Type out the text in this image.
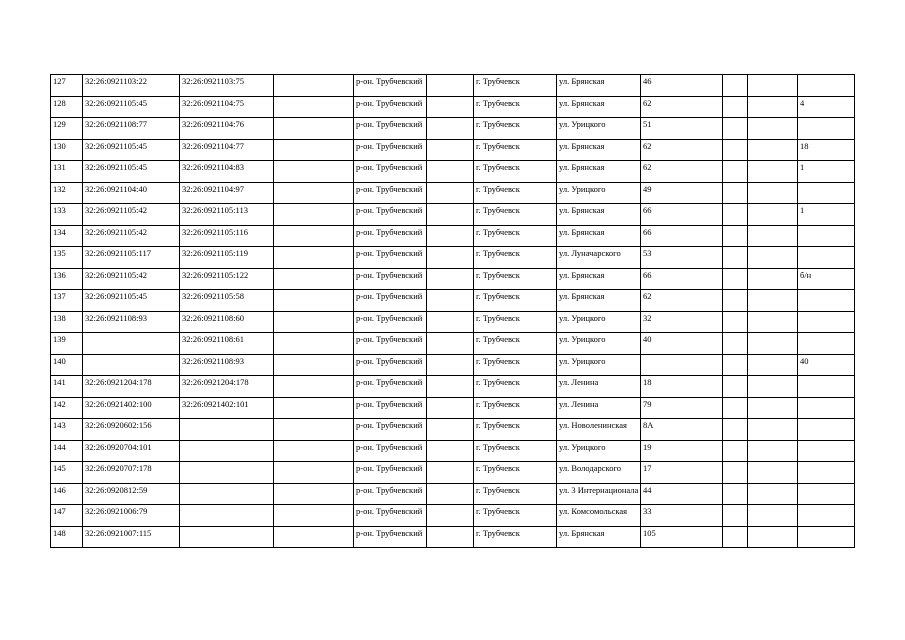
127	32:26:0921103:22	32:26:0921103:75		р-он. Трубчевский		г. Трубчевск	ул. Брянская	46			
128	32:26:0921105:45	32:26:0921104:75		р-он. Трубчевский		г. Трубчевск	ул. Брянская	62			4
129	32:26:0921108:77	32:26:0921104:76		р-он. Трубчевский		г. Трубчевск	ул. Урицкого	51			
130	32:26:0921105:45	32:26:0921104:77		р-он. Трубчевский		г. Трубчевск	ул. Брянская	62			18
131	32:26:0921105:45	32:26:0921104:83		р-он. Трубчевский		г. Трубчевск	ул. Брянская	62			1
132	32:26:0921104:40	32:26:0921104:97		р-он. Трубчевский		г. Трубчевск	ул. Урицкого	49			
133	32:26:0921105:42	32:26:0921105:113		р-он. Трубчевский		г. Трубчевск	ул. Брянская	66			1
134	32:26:0921105:42	32:26:0921105:116		р-он. Трубчевский		г. Трубчевск	ул. Брянская	66			
135	32:26:0921105:117	32:26:0921105:119		р-он. Трубчевский		г. Трубчевск	ул. Луначарского	53			
136	32:26:0921105:42	32:26:0921105:122		р-он. Трубчевский		г. Трубчевск	ул. Брянская	66			б/н
137	32:26:0921105:45	32:26:0921105:58		р-он. Трубчевский		г. Трубчевск	ул. Брянская	62			
138	32:26:0921108:93	32:26:0921108:60		р-он. Трубчевский		г. Трубчевск	ул. Урицкого	32			
139		32:26:0921108:61		р-он. Трубчевский		г. Трубчевск	ул. Урицкого	40			
140		32:26:0921108:93		р-он. Трубчевский		г. Трубчевск	ул. Урицкого				40
141	32:26:0921204:178	32:26:0921204:178		р-он. Трубчевский		г. Трубчевск	ул. Ленина	18			
142	32:26:0921402:100	32:26:0921402:101		р-он. Трубчевский		г. Трубчевск	ул. Ленина	79			
143	32:26:0920602:156			р-он. Трубчевский		г. Трубчевск	ул. Новоленинская	8А			
144	32:26:0920704:101			р-он. Трубчевский		г. Трубчевск	ул. Урицкого	19			
145	32:26:0920707:178			р-он. Трубчевский		г. Трубчевск	ул. Володарского	17			
146	32:26:0920812:59			р-он. Трубчевский		г. Трубчевск	ул. 3 Интернационала	44			
147	32:26:0921006:79			р-он. Трубчевский		г. Трубчевск	ул. Комсомольская	33			
148	32:26:0921007:115			р-он. Трубчевский		г. Трубчевск	ул. Брянская	105			
